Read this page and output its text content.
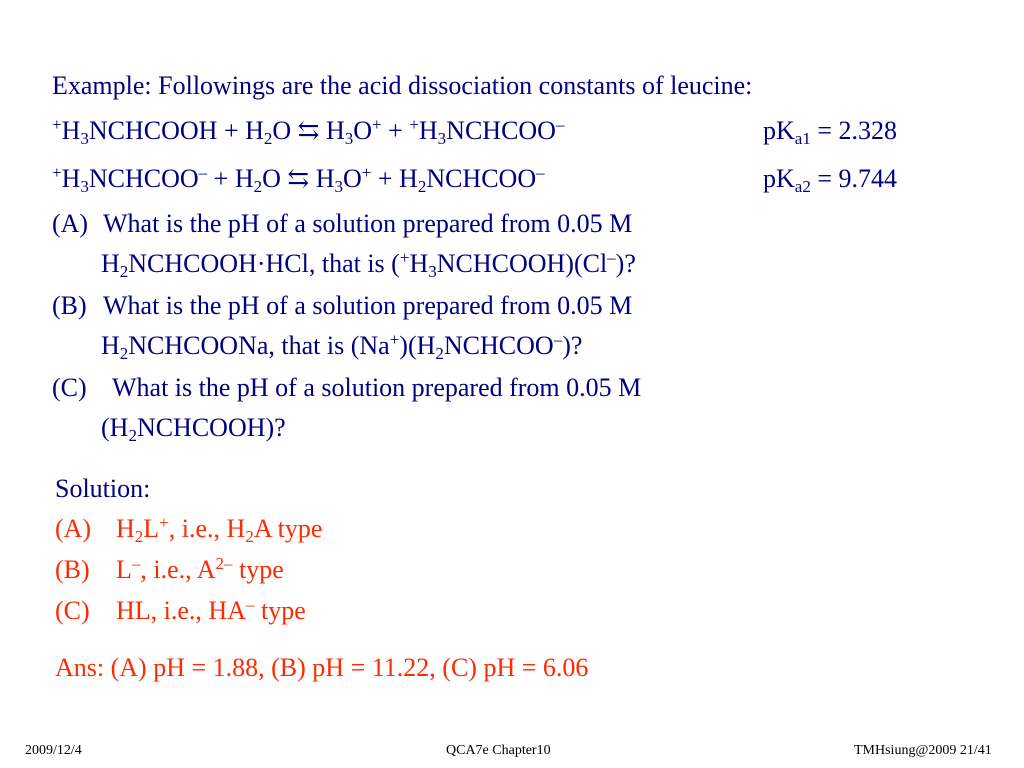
Example: Followings are the acid dissociation constants of leucine:
$^+H_3NCHCOOH + H_2O$ ⇆ $H_3O^+$ + $^+H_3NCHCOO^-$	$pK_{a1} = 2.328$
$^+H_3NCHCOO^- + H_2O$ ⇆ $H_3O^+$ + $H_2NCHCOO^-$	$pK_{a2} = 9.744$
(A) What is the pH of a solution prepared from 0.05 M
$H_2NCHCOOH\cdot HCl$, that is $(^+H_3NCHCOOH)(Cl^-)$?
(B) What is the pH of a solution prepared from 0.05 M
$H_2NCHCOONa$, that is $(Na^+)(H_2NCHCOO^-)$?
(C) What is the pH of a solution prepared from 0.05 M
$(H_2NCHCOOH)$?
Solution:
(A) $H_2L^+$, i.e., $H_2A$ type
(B) L–, i.e., $A^{2-}$ type
(C) HL, i.e., HA– type
Ans: (A) pH = 1.88, (B) pH = 11.22, (C) pH = 6.06
2009/12/4	QCA7e Chapter10	TMHsiung@2009 21/41
